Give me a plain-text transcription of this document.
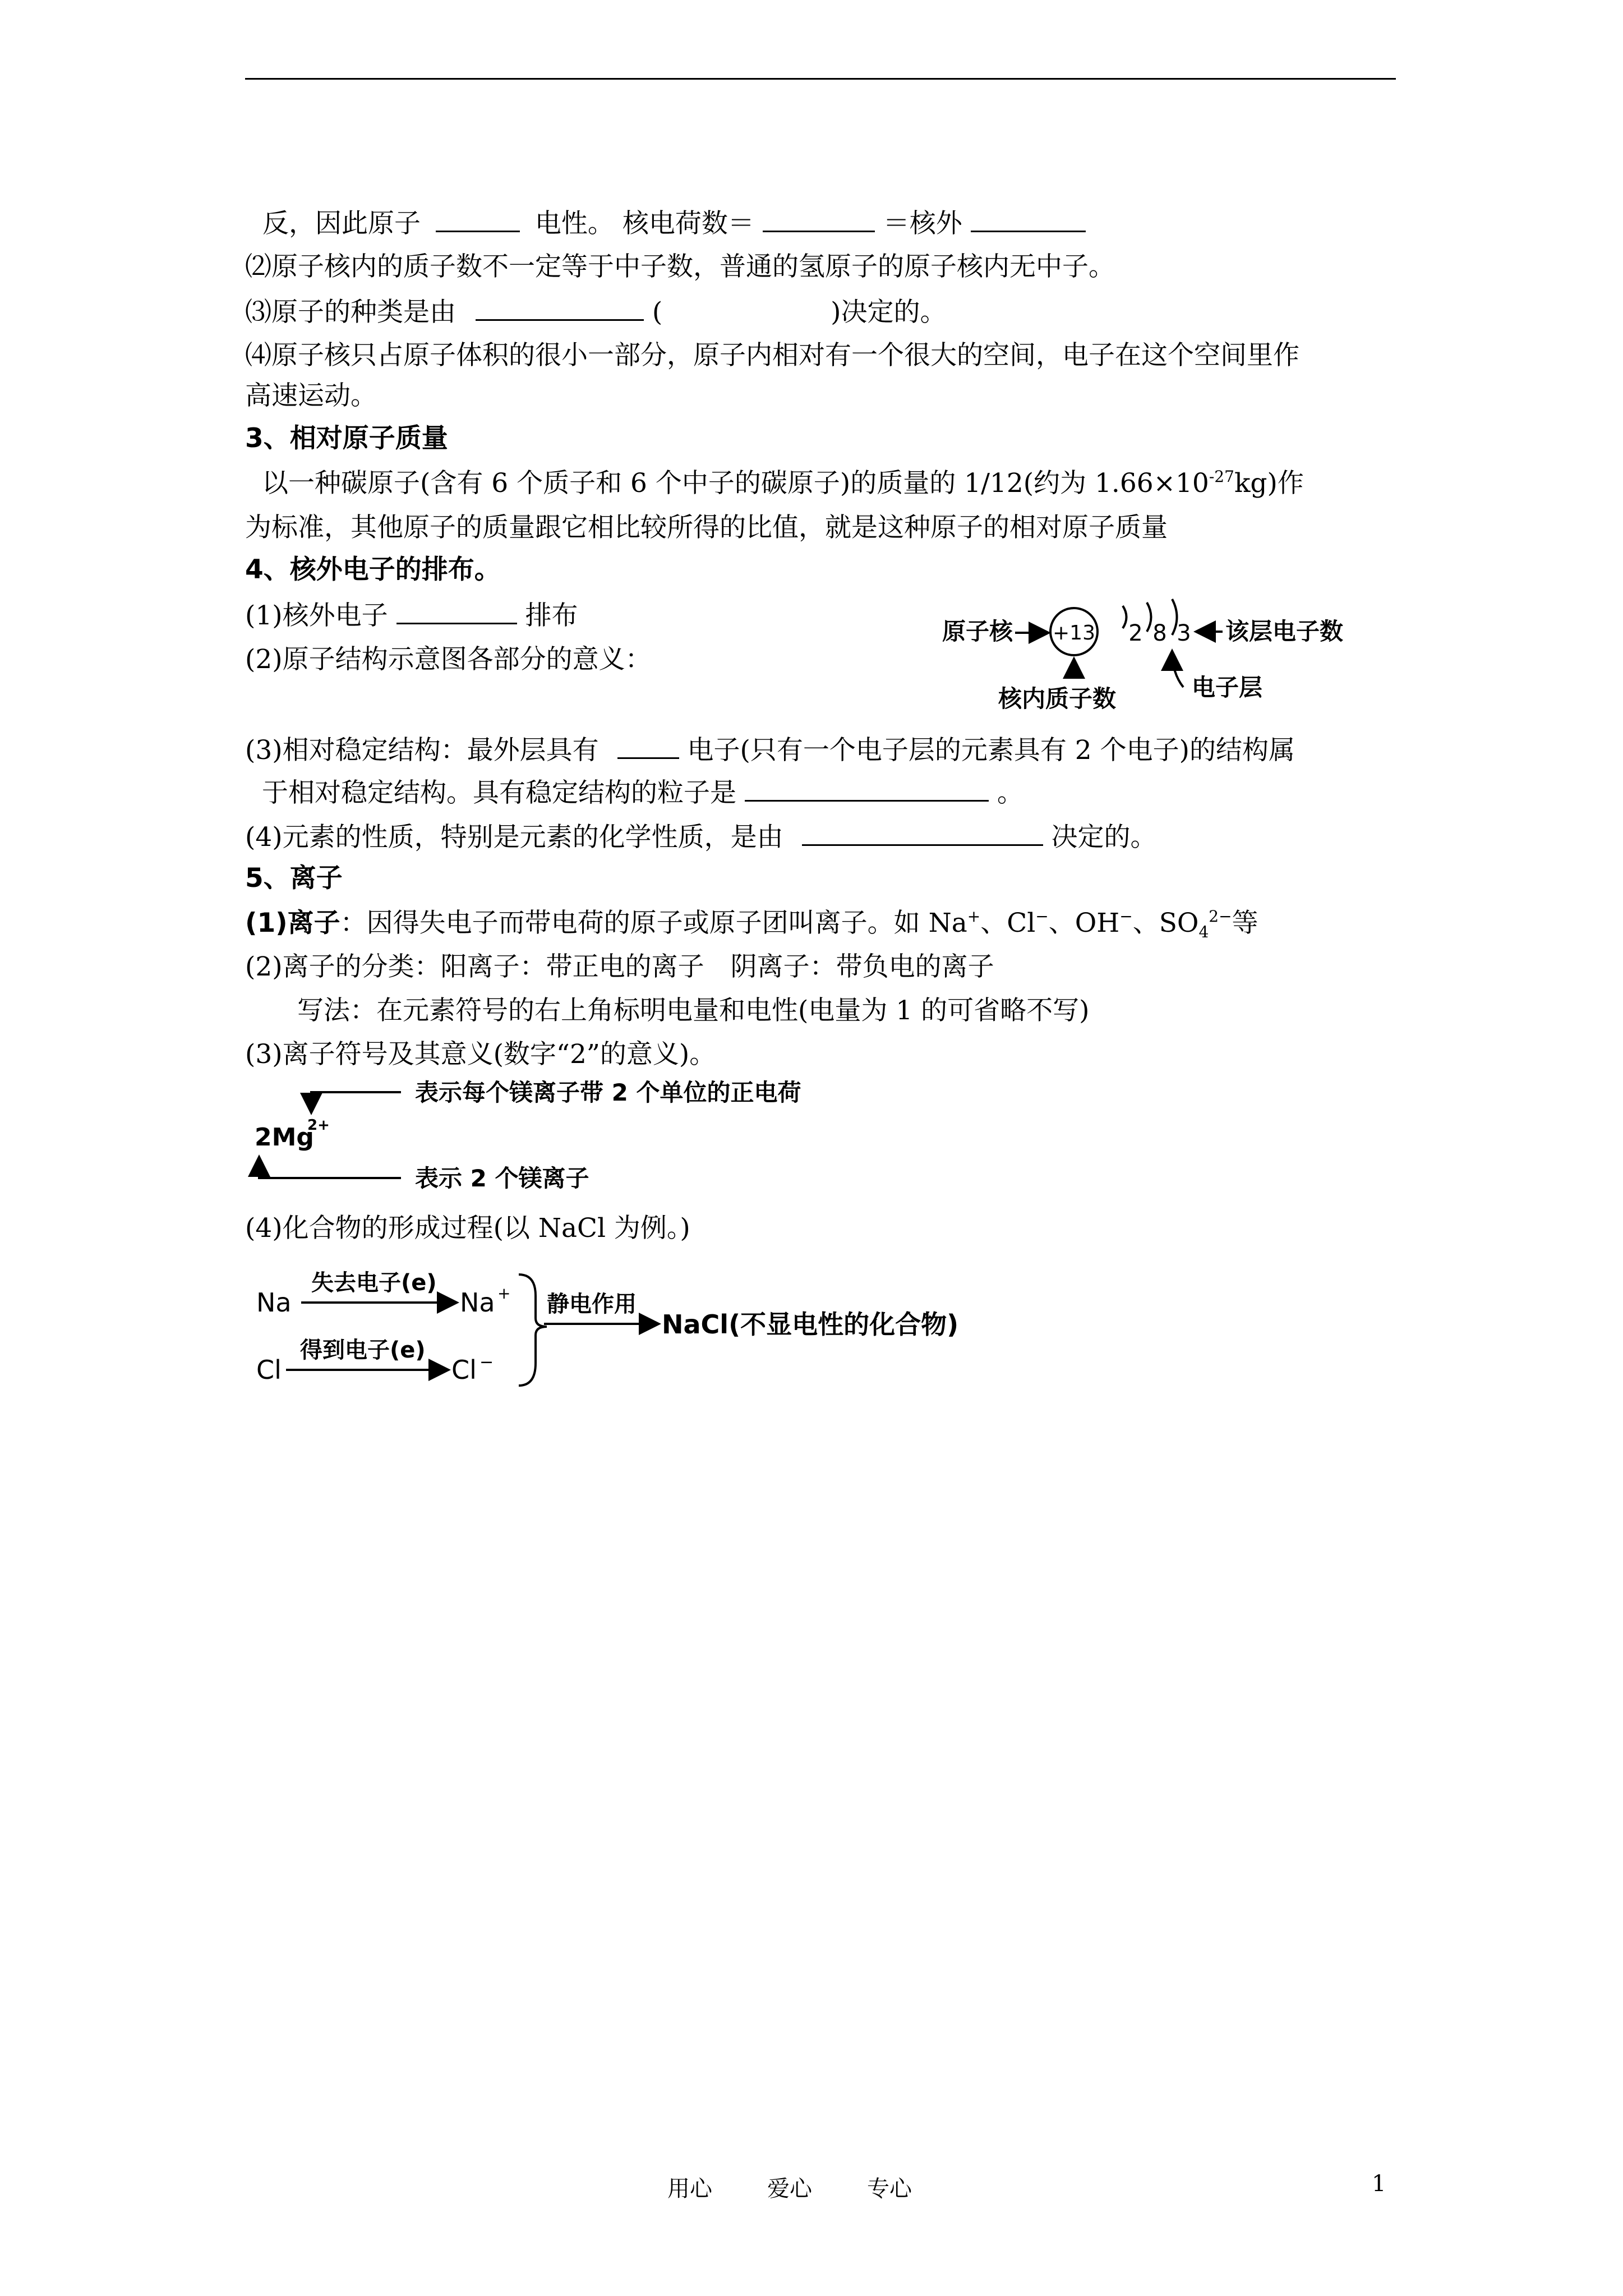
反，因此原子	电性。 核电荷数＝	＝核外
⑵原子核内的质子数不一定等于中子数，普通的氢原子的原子核内无中子。
⑶原子的种类是由	(	)决定的。
⑷原子核只占原子体积的很小一部分，原子内相对有一个很大的空间，电子在这个空间里作
高速运动。
3、相对原子质量
以一种碳原子(含有 6 个质子和 6 个中子的碳原子)的质量的 1/12(约为 $1.66\times 10^{-27}kg$)作
为标准，其他原子的质量跟它相比较所得的比值，就是这种原子的相对原子质量
4、核外电子的排布。
(1)核外电子	排布
(2)原子结构示意图各部分的意义：
原子核 +13 2 8 3 该层电子数
核内质子数	电子层
(3)相对稳定结构：最外层具有	电子(只有一个电子层的元素具有 2 个电子)的结构属
于相对稳定结构。具有稳定结构的粒子是	。
(4)元素的性质，特别是元素的化学性质，是由	决定的。
5、离子
(1)离子：因得失电子而带电荷的原子或原子团叫离子。如 Na+、Cl−、OH−、$SO_4^{2-}$等
(2)离子的分类：阳离子：带正电的离子　阴离子：带负电的离子
写法：在元素符号的右上角标明电量和电性(电量为 1 的可省略不写)
(3)离子符号及其意义(数字“2”的意义)。
表示每个镁离子带 2 个单位的正电荷
2Mg
2+
表示 2 个镁离子
(4)化合物的形成过程(以 NaCl 为例。)
Na
失去电子(e)
Na +
Cl
得到电子(e)
Cl −
静电作用
NaCl(不显电性的化合物)
用心 爱心 专心	1
